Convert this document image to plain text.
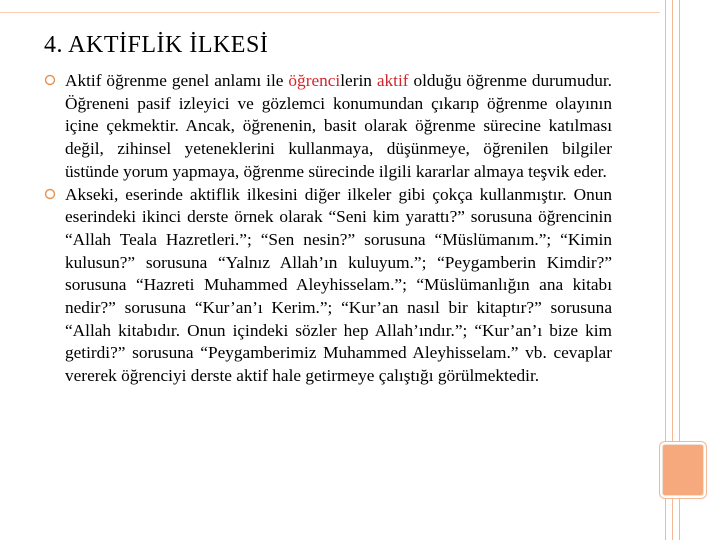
4. AKTİFLİK İLKESİ
Aktif öğrenme genel anlamı ile öğrencilerin aktif olduğu öğrenme durumudur. Öğreneni pasif izleyici ve gözlemci konumundan çıkarıp öğrenme olayının içine çekmektir. Ancak, öğrenenin, basit olarak öğrenme sürecine katılması değil, zihinsel yeteneklerini kullanmaya, düşünmeye, öğrenilen bilgiler üstünde yorum yapmaya, öğrenme sürecinde ilgili kararlar almaya teşvik eder.
Akseki, eserinde aktiflik ilkesini diğer ilkeler gibi çokça kullanmıştır. Onun eserindeki ikinci derste örnek olarak “Seni kim yarattı?” sorusuna öğrencinin “Allah Teala Hazretleri.”; “Sen nesin?” sorusuna “Müslümanım.”; “Kimin kulusun?” sorusuna “Yalnız Allah’ın kuluyum.”; “Peygamberin Kimdir?” sorusuna “Hazreti Muhammed Aleyhisselam.”; “Müslümanlığın ana kitabı nedir?” sorusuna “Kur’an’ı Kerim.”; “Kur’an nasıl bir kitaptır?” sorusuna “Allah kitabıdır. Onun içindeki sözler hep Allah’ındır.”; “Kur’an’ı bize kim getirdi?” sorusuna “Peygamberimiz Muhammed Aleyhisselam.” vb. cevaplar vererek öğrenciyi derste aktif hale getirmeye çalıştığı görülmektedir.
